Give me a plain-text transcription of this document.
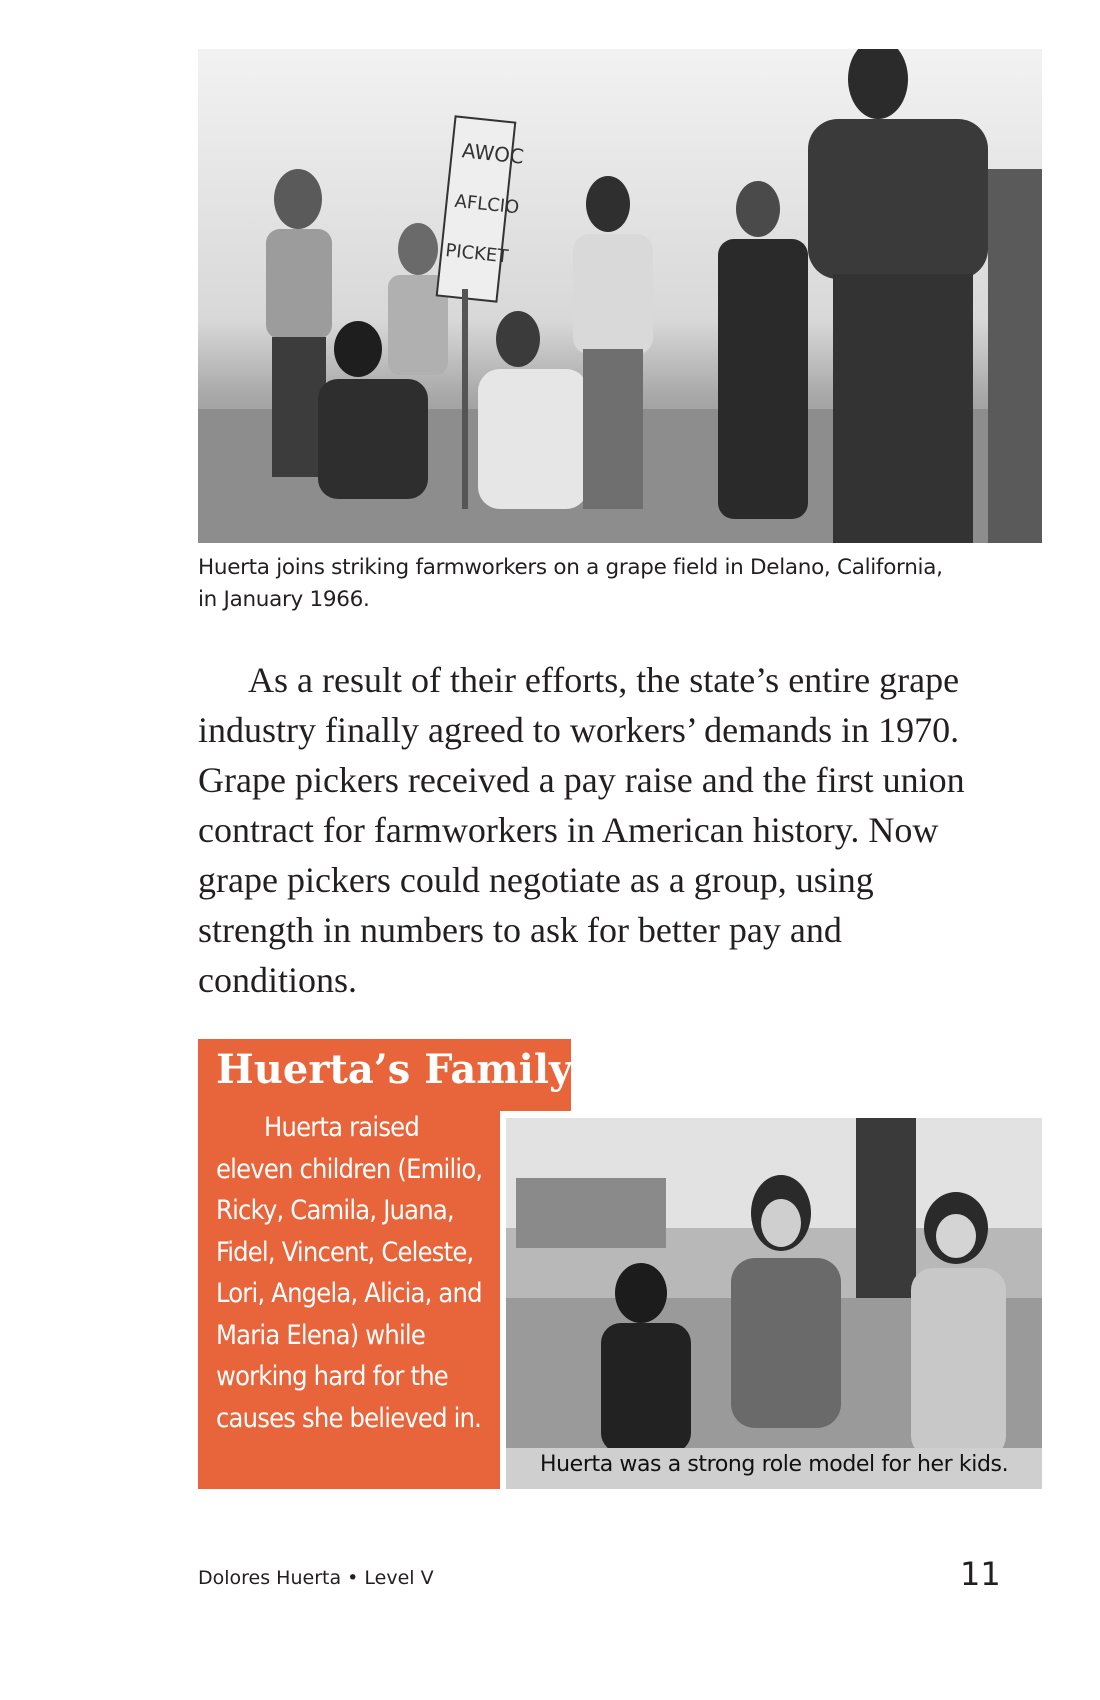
AWOC
AFLCIO
PICKET
Huerta joins striking farmworkers on a grape field in Delano, California,
in January 1966.

As a result of their efforts, the state’s entire grape industry finally agreed to workers’ demands in 1970. Grape pickers received a pay raise and the first union contract for farmworkers in American history. Now grape pickers could negotiate as a group, using strength in numbers to ask for better pay and conditions.

Huerta’s Family

Huerta raised eleven children (Emilio, Ricky, Camila, Juana, Fidel, Vincent, Celeste, Lori, Angela, Alicia, and Maria Elena) while working hard for the causes she believed in.

Huerta was a strong role model for her kids.
Dolores Huerta • Level V	11
